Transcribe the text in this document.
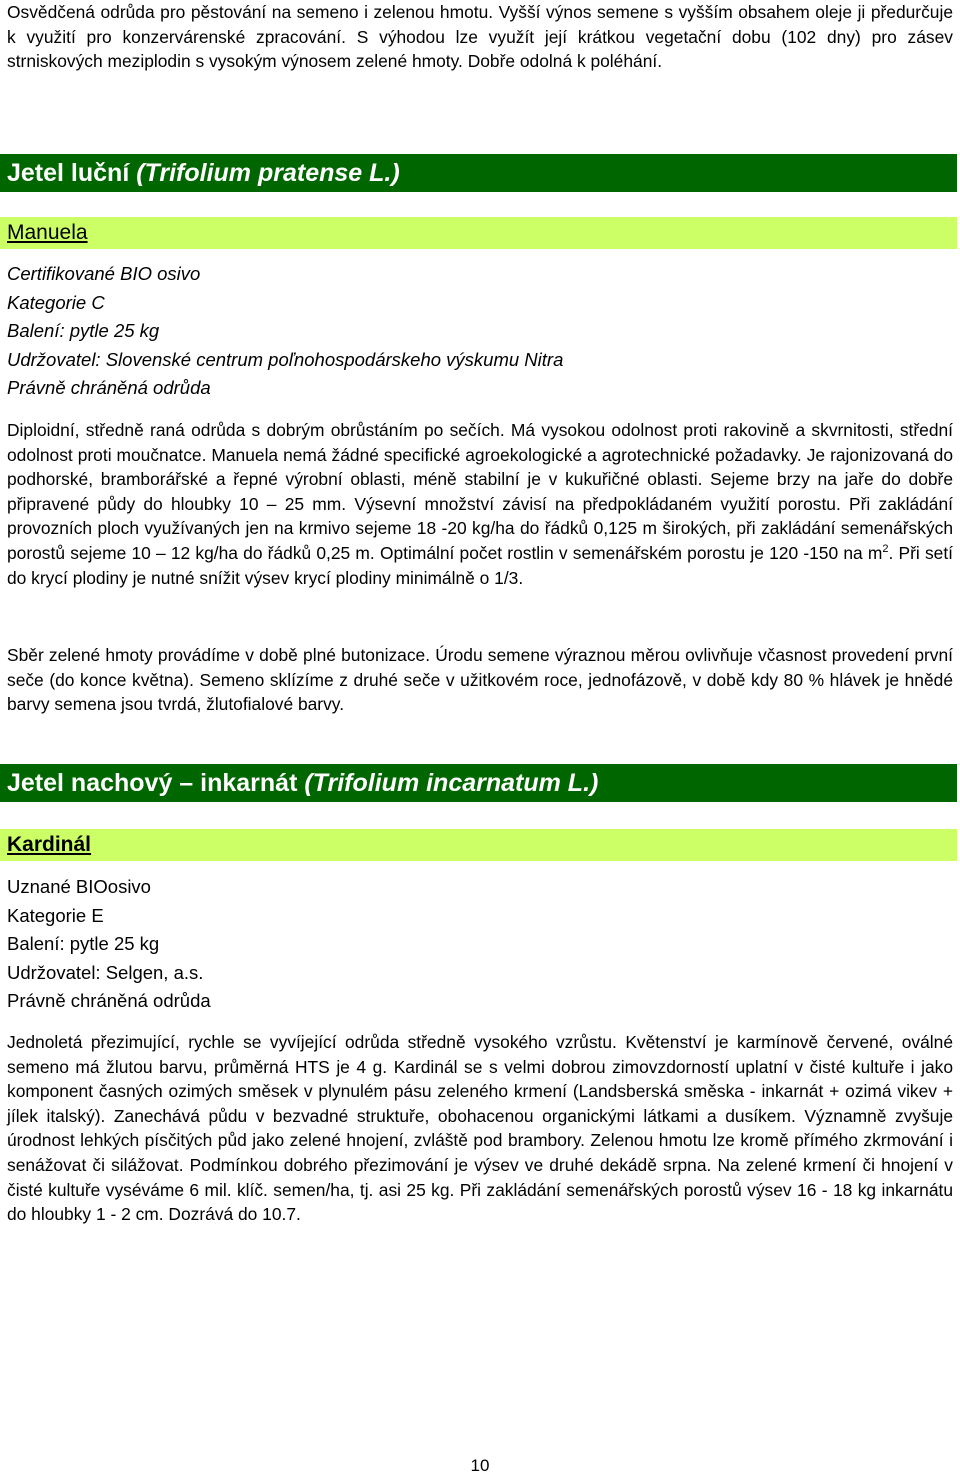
Osvědčená odrůda pro pěstování na semeno i zelenou hmotu. Vyšší výnos semene s vyšším obsahem oleje ji předurčuje k využití pro konzervárenské zpracování. S výhodou lze využít její krátkou vegetační dobu (102 dny) pro zásev strniskových meziplodin s vysokým výnosem zelené hmoty. Dobře odolná k poléhání.
Jetel luční (Trifolium pratense L.)
Manuela
Certifikované BIO osivo
Kategorie C
Balení: pytle 25 kg
Udržovatel: Slovenské centrum poľnohospodárskeho výskumu Nitra
Právně chráněná odrůda
Diploidní, středně raná odrůda s dobrým obrůstáním po sečích. Má vysokou odolnost proti rakovině a skvrnitosti, střední odolnost proti moučnatce. Manuela nemá žádné specifické agroekologické a agrotechnické požadavky. Je rajonizovaná do podhorské, bramborářské a řepné výrobní oblasti, méně stabilní je v kukuřičné oblasti. Sejeme brzy na jaře do dobře připravené půdy do hloubky 10 – 25 mm. Výsevní množství závisí na předpokládaném využití porostu. Při zakládání provozních ploch využívaných jen na krmivo sejeme 18 -20 kg/ha do řádků 0,125 m širokých, při zakládání semenářských porostů sejeme 10 – 12 kg/ha do řádků 0,25 m. Optimální počet rostlin v semenářském porostu je 120 -150 na $m^2$. Při setí do krycí plodiny je nutné snížit výsev krycí plodiny minimálně o 1/3.
Sběr zelené hmoty provádíme v době plné butonizace. Úrodu semene výraznou měrou ovlivňuje včasnost provedení první seče (do konce května). Semeno sklízíme z druhé seče v užitkovém roce, jednofázově, v době kdy 80 % hlávek je hnědé barvy semena jsou tvrdá, žlutofialové barvy.
Jetel nachový – inkarnát (Trifolium incarnatum L.)
Kardinál
Uznané BIOosivo
Kategorie E
Balení: pytle 25 kg
Udržovatel: Selgen, a.s.
Právně chráněná odrůda
Jednoletá přezimující, rychle se vyvíjející odrůda středně vysokého vzrůstu. Květenství je karmínově červené, oválné semeno má žlutou barvu, průměrná HTS je 4 g. Kardinál se s velmi dobrou zimovzdorností uplatní v čisté kultuře i jako komponent časných ozimých směsek v plynulém pásu zeleného krmení (Landsberská směska - inkarnát + ozimá vikev + jílek italský). Zanechává půdu v bezvadné struktuře, obohacenou organickými látkami a dusíkem. Významně zvyšuje úrodnost lehkých písčitých půd jako zelené hnojení, zvláště pod brambory. Zelenou hmotu lze kromě přímého zkrmování i senážovat či silážovat. Podmínkou dobrého přezimování je výsev ve druhé dekádě srpna. Na zelené krmení či hnojení v čisté kultuře vyséváme 6 mil. klíč. semen/ha, tj. asi 25 kg. Při zakládání semenářských porostů výsev 16 - 18 kg inkarnátu do hloubky 1 - 2 cm. Dozrává do 10.7.
10
